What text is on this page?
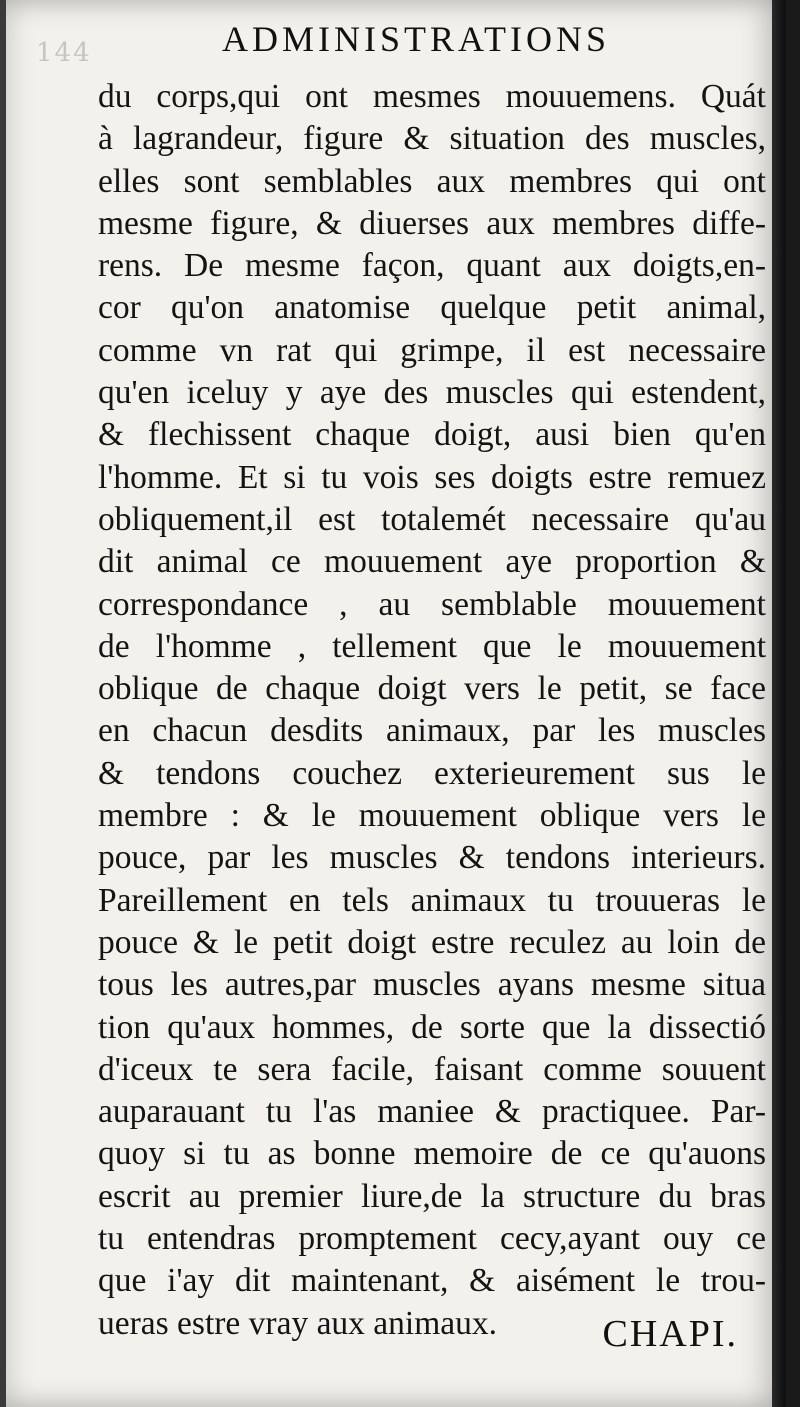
144	ADMINISTRATIONS
du corps,qui ont mesmes mouuemens. Quát
à lagrandeur, figure & situation des muscles,
elles sont semblables aux membres qui ont
mesme figure, & diuerses aux membres diffe-
rens. De mesme façon, quant aux doigts,en-
cor qu'on anatomise quelque petit animal,
comme vn rat qui grimpe, il est necessaire
qu'en iceluy y aye des muscles qui estendent,
& flechissent chaque doigt, ausi bien qu'en
l'homme. Et si tu vois ses doigts estre remuez
obliquement,il est totalemét necessaire qu'au
dit animal ce mouuement aye proportion &
correspondance , au semblable mouuement
de l'homme , tellement que le mouuement
oblique de chaque doigt vers le petit, se face
en chacun desdits animaux, par les muscles
& tendons couchez exterieurement sus le
membre : & le mouuement oblique vers le
pouce, par les muscles & tendons interieurs.
Pareillement en tels animaux tu trouueras le
pouce & le petit doigt estre reculez au loin de
tous les autres,par muscles ayans mesme situa
tion qu'aux hommes, de sorte que la dissectió
d'iceux te sera facile, faisant comme souuent
auparauant tu l'as maniee & practiquee. Par-
quoy si tu as bonne memoire de ce qu'auons
escrit au premier liure,de la structure du bras
tu entendras promptement cecy,ayant ouy ce
que i'ay dit maintenant, & aisément le trou-
ueras estre vray aux animaux.	CHAPI.
